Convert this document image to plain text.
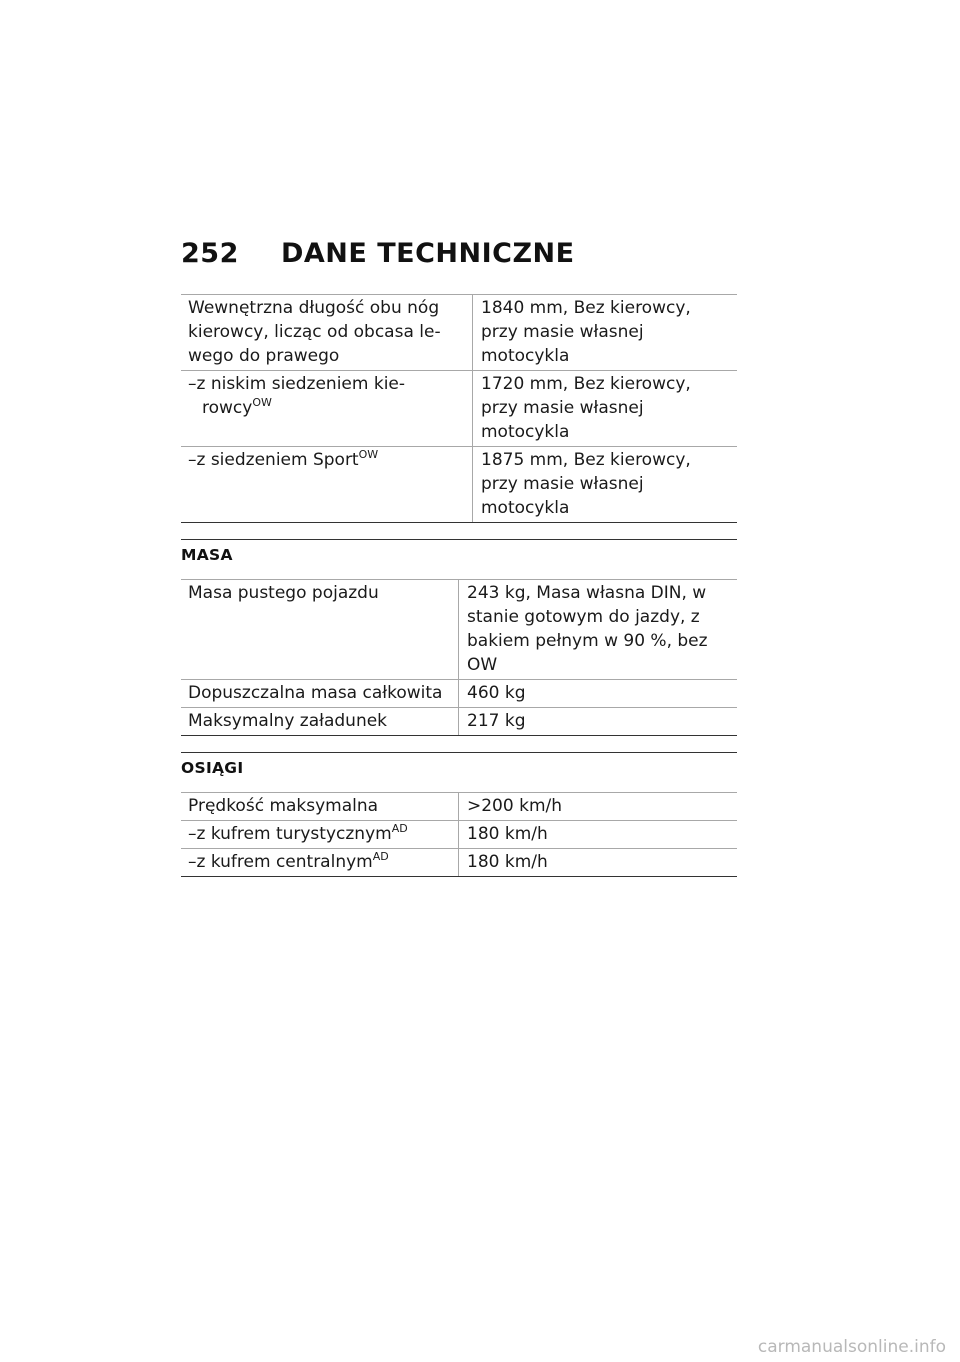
252	DANE TECHNICZNE
Wewnętrzna długość obu nóg kierowcy, licząc od obcasa le-wego do prawego	1840 mm, Bez kierowcy, przy masie własnej motocykla
–z niskim siedzeniem kie-rowcy$^{OW}$	1720 mm, Bez kierowcy, przy masie własnej motocykla
–z siedzeniem Sport$^{OW}$	1875 mm, Bez kierowcy, przy masie własnej motocykla
MASA
Masa pustego pojazdu	243 kg, Masa własna DIN, w stanie gotowym do jazdy, z bakiem pełnym w 90 %, bez OW
Dopuszczalna masa całkowita	460 kg
Maksymalny załadunek	217 kg
OSIĄGI
Prędkość maksymalna	>200 km/h
–z kufrem turystycznym$^{AD}$	180 km/h
–z kufrem centralnym$^{AD}$	180 km/h
carmanualsonline.info
